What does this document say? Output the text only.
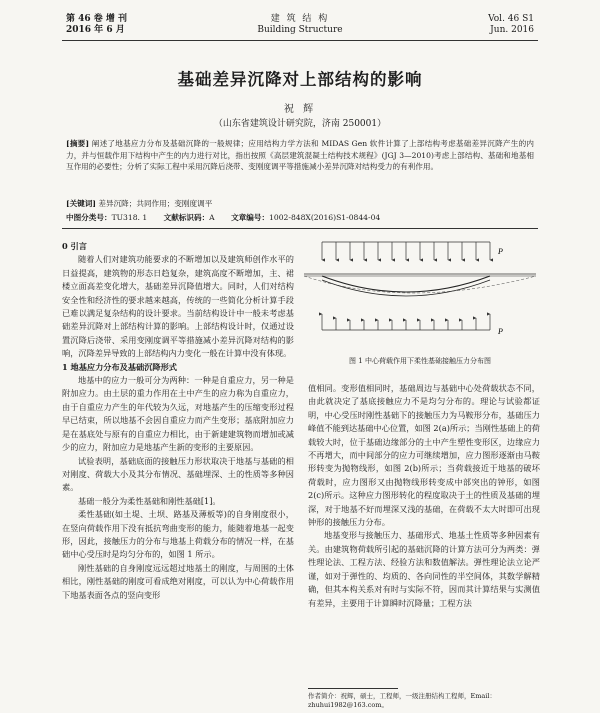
第 46 卷 增 刊
2016 年 6 月
建 筑 结 构
Building Structure
Vol. 46 S1
Jun. 2016
基础差异沉降对上部结构的影响
祝 辉
（山东省建筑设计研究院，济南 250001）
[摘要] 阐述了地基应力分布及基础沉降的一般规律；应用结构力学方法和 MIDAS Gen 软件计算了上部结构考虑基础差异沉降产生的内力，并与恒载作用下结构中产生的内力进行对比，指出按照《高层建筑混凝土结构技术规程》(JGJ 3—2010)考虑上部结构、基础和地基相互作用的必要性；分析了实际工程中采用沉降后浇带、变刚度调平等措施减小差异沉降对结构受力的有利作用。
[关键词] 差异沉降；共同作用；变刚度调平
中图分类号：TU318. 1 文献标识码：A 文章编号：1002-848X(2016)S1-0844-04

0 引言

随着人们对建筑功能要求的不断增加以及建筑师创作水平的日益提高，建筑物的形态日趋复杂，建筑高度不断增加，主、裙楼立面高差变化增大，基础差异沉降值增大。同时，人们对结构安全性和经济性的要求越来越高，传统的一些简化分析计算手段已难以满足复杂结构的设计要求。当前结构设计中一般未考虑基础差异沉降对上部结构计算的影响。上部结构设计时，仅通过设置沉降后浇带、采用变刚度调平等措施减小差异沉降对结构的影响，沉降差异导致的上部结构内力变化一般在计算中没有体现。

1 地基应力分布及基础沉降形式

地基中的应力一般可分为两种：一种是自重应力，另一种是附加应力。由土层的重力作用在土中产生的应力称为自重应力，由于自重应力产生的年代较为久远，对地基产生的压缩变形过程早已结束，所以地基不会因自重应力而产生变形；基底附加应力是在基底处与原有的自重应力相比，由于新建建筑物而增加或减少的应力，附加应力是地基产生新的变形的主要原因。

试验表明，基础底面的接触压力形状取决于地基与基础的相对刚度、荷载大小及其分布情况、基础埋深、土的性质等多种因素。

基础一般分为柔性基础和刚性基础[1]。

柔性基础(如土堤、土坝、路基及薄板等)的自身刚度很小，在竖向荷载作用下没有抵抗弯曲变形的能力，能随着地基一起变形，因此，接触压力的分布与地基上荷载分布的情况一样，在基础中心受压时是均匀分布的，如图 1 所示。

刚性基础的自身刚度远远超过地基土的刚度，与周围的土体相比，刚性基础的刚度可看成绝对刚度，可以认为中心荷载作用下地基表面各点的竖向变形

P
P
图 1 中心荷载作用下柔性基础接触压力分布图

值相同。变形值相同时，基础周边与基础中心处荷载状态不同，由此就决定了基底接触应力不是均匀分布的。理论与试验都证明，中心受压时刚性基础下的接触压力为马鞍形分布，基础压力峰值不能到达基础中心位置，如图 2(a)所示；当刚性基础上的荷载较大时，位于基础边缘部分的土中产生塑性变形区，边缘应力不再增大，而中间部分的应力可继续增加，应力图形逐渐由马鞍形转变为抛物线形，如图 2(b)所示；当荷载接近于地基的破坏荷载时，应力图形又由抛物线形转变成中部突出的钟形，如图 2(c)所示。这种应力图形转化的程度取决于土的性质及基础的埋深，对于地基不好而埋深又浅的基础，在荷载不太大时即可出现钟形的接触压力分布。

地基变形与接触压力、基础形式、地基土性质等多种因素有关。由建筑物荷载所引起的基础沉降的计算方法可分为两类：弹性理论法、工程方法、经验方法和数值解法。弹性理论法立论严谨，如对于弹性的、均质的、各向同性的半空间体，其数学解精确，但其本构关系对有时与实际不符，因而其计算结果与实测值有差异，主要用于计算瞬时沉降量；工程方法

作者简介：祝辉，硕士，工程师，一级注册结构工程师，Email：zhuhui1982@163.com。
